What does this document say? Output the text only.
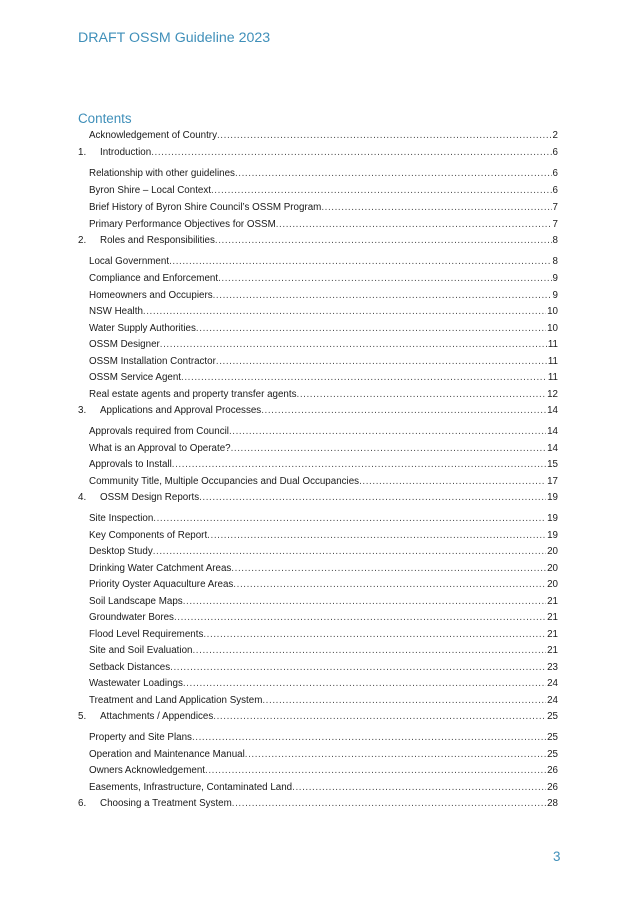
DRAFT OSSM Guideline 2023
Contents
Acknowledgement of Country .....	2
1.	Introduction .....	6
Relationship with other guidelines .....	6
Byron Shire – Local Context .....	6
Brief History of Byron Shire Council’s OSSM Program .....	7
Primary Performance Objectives for OSSM .....	7
2.	Roles and Responsibilities .....	8
Local Government .....	8
Compliance and Enforcement .....	9
Homeowners and Occupiers .....	9
NSW Health .....	10
Water Supply Authorities .....	10
OSSM Designer .....	11
OSSM Installation Contractor .....	11
OSSM Service Agent .....	11
Real estate agents and property transfer agents .....	12
3.	Applications and Approval Processes .....	14
Approvals required from Council .....	14
What is an Approval to Operate? .....	14
Approvals to Install .....	15
Community Title, Multiple Occupancies and Dual Occupancies .....	17
4.	OSSM Design Reports .....	19
Site Inspection .....	19
Key Components of Report .....	19
Desktop Study .....	20
Drinking Water Catchment Areas .....	20
Priority Oyster Aquaculture Areas .....	20
Soil Landscape Maps .....	21
Groundwater Bores .....	21
Flood Level Requirements .....	21
Site and Soil Evaluation .....	21
Setback Distances .....	23
Wastewater Loadings .....	24
Treatment and Land Application System .....	24
5.	Attachments / Appendices .....	25
Property and Site Plans .....	25
Operation and Maintenance Manual .....	25
Owners Acknowledgement .....	26
Easements, Infrastructure, Contaminated Land .....	26
6.	Choosing a Treatment System .....	28
3
